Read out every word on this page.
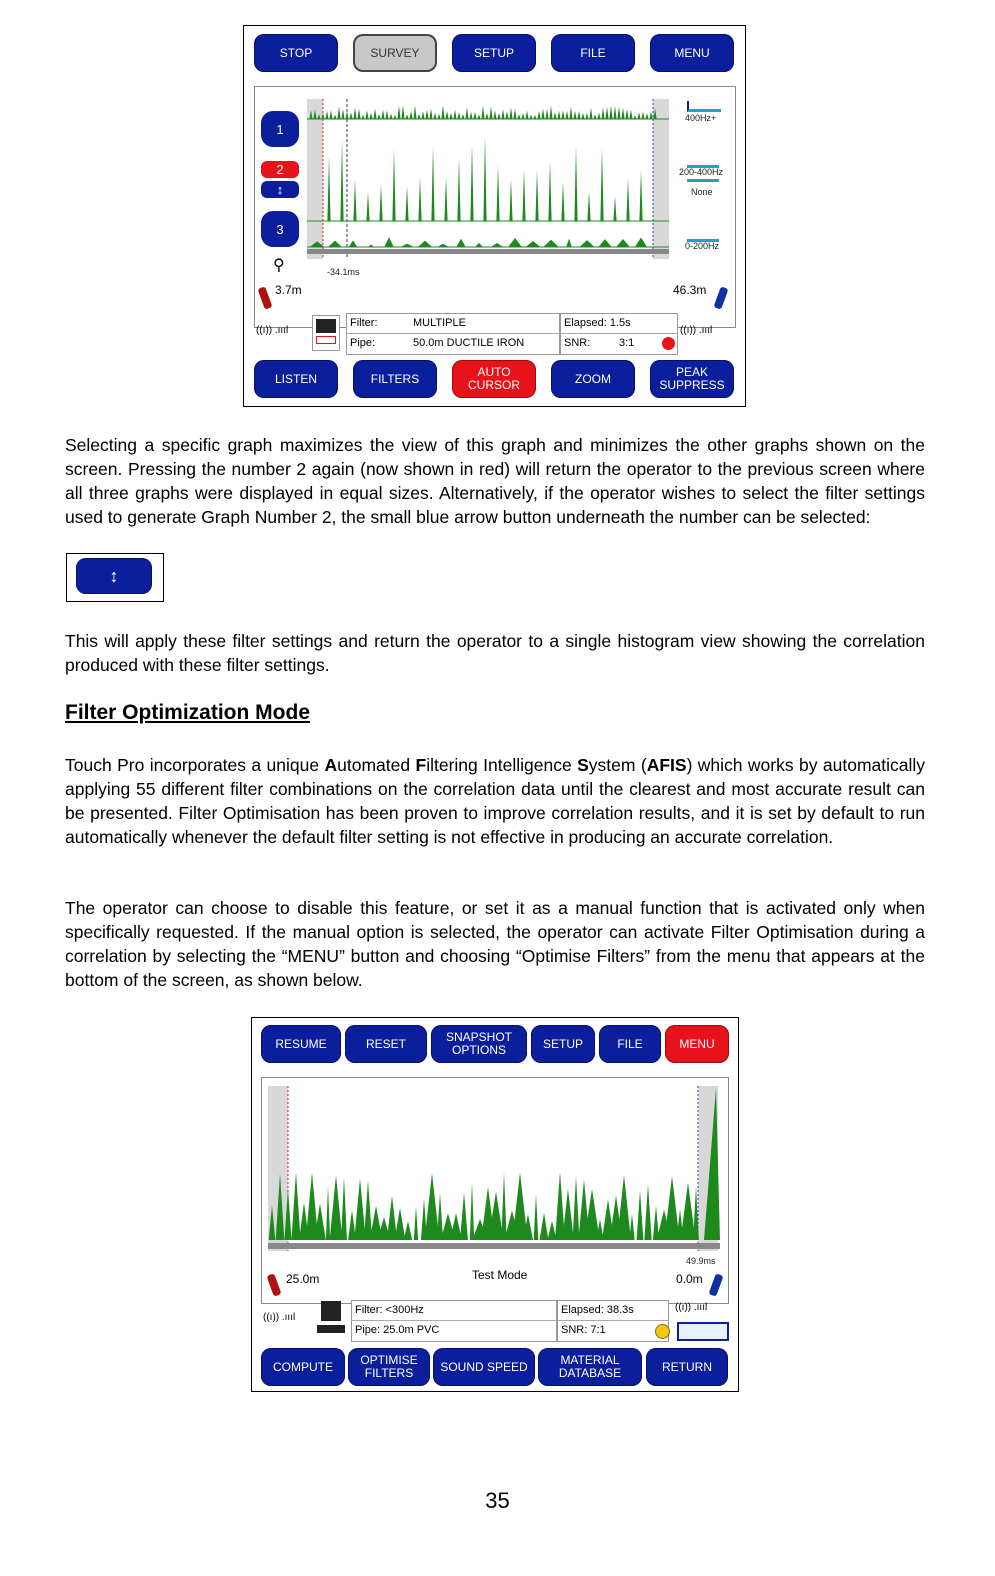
STOP	SURVEY	SETUP	FILE	MENU
1
2
↕
3
⚲	-34.1ms
400Hz+
200-400Hz
None
0-200Hz
3.7m	46.3m
((ı)) .ıııl
Filter:	MULTIPLE
Pipe:	50.0m DUCTILE IRON
Elapsed: 1.5s
SNR:	3:1
((ı)) .ıııl
LISTEN	FILTERS	AUTO CURSOR	ZOOM	PEAK SUPPRESS
Selecting a specific graph maximizes the view of this graph and minimizes the other graphs shown on the screen. Pressing the number 2 again (now shown in red) will return the operator to the previous screen where all three graphs were displayed in equal sizes. Alternatively, if the operator wishes to select the filter settings used to generate Graph Number 2, the small blue arrow button underneath the number can be selected:
↕
This will apply these filter settings and return the operator to a single histogram view showing the correlation produced with these filter settings.
Filter Optimization Mode
Touch Pro incorporates a unique Automated Filtering Intelligence System (AFIS) which works by automatically applying 55 different filter combinations on the correlation data until the clearest and most accurate result can be presented. Filter Optimisation has been proven to improve correlation results, and it is set by default to run automatically whenever the default filter setting is not effective in producing an accurate correlation.
The operator can choose to disable this feature, or set it as a manual function that is activated only when specifically requested. If the manual option is selected, the operator can activate Filter Optimisation during a correlation by selecting the “MENU” button and choosing “Optimise Filters” from the menu that appears at the bottom of the screen, as shown below.
RESUME	RESET	SNAPSHOT OPTIONS	SETUP	FILE	MENU
49.9ms
25.0m	Test Mode	0.0m
((ı)) .ıııl
Filter: <300Hz
Pipe: 25.0m PVC
Elapsed: 38.3s
SNR: 7:1
((ı)) .ıııl
COMPUTE	OPTIMISE FILTERS	SOUND SPEED	MATERIAL DATABASE	RETURN
35
